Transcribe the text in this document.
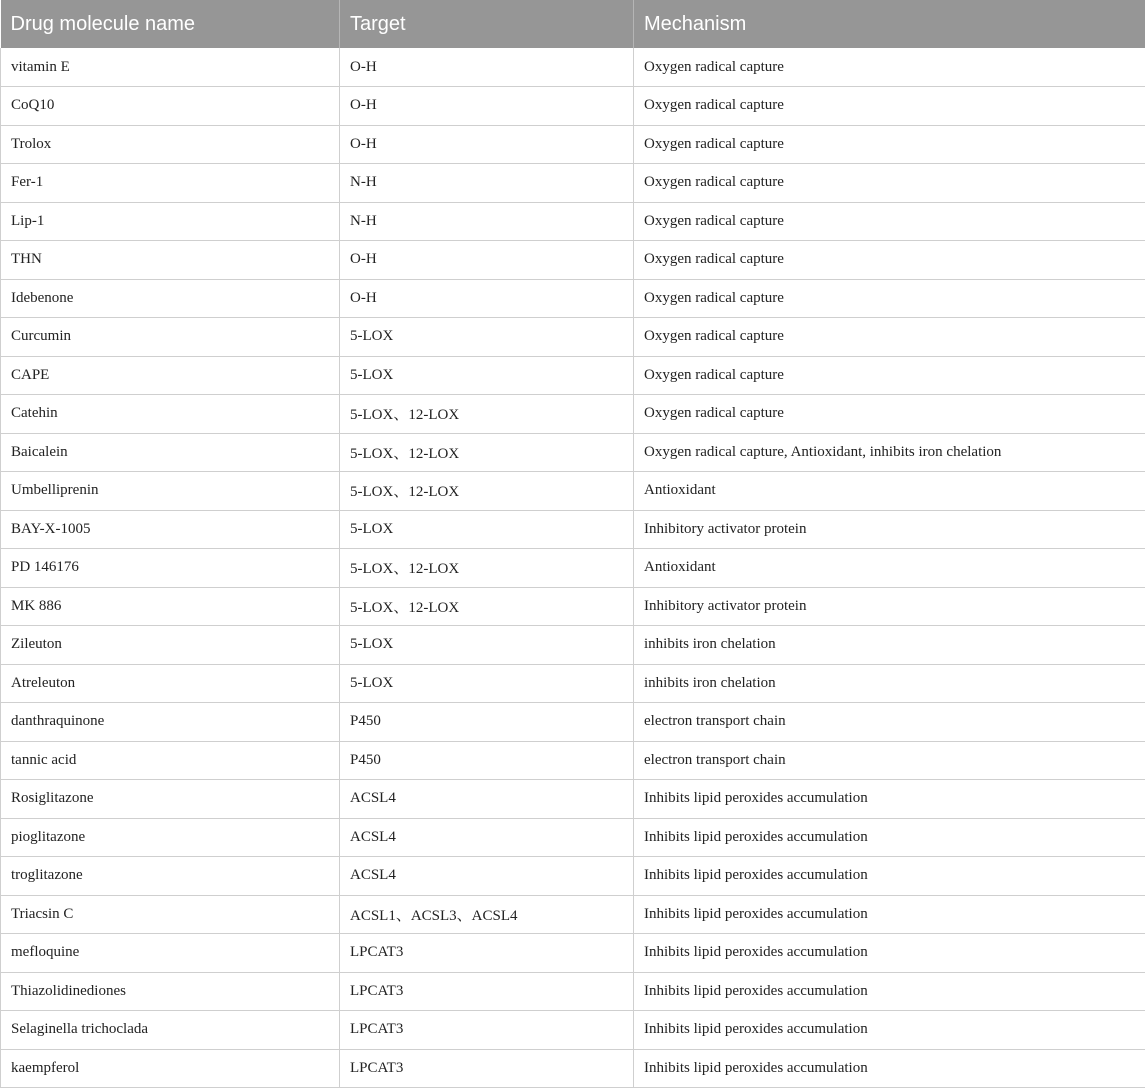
Drug molecule name	Target	Mechanism
vitamin E	O-H	Oxygen radical capture
CoQ10	O-H	Oxygen radical capture
Trolox	O-H	Oxygen radical capture
Fer-1	N-H	Oxygen radical capture
Lip-1	N-H	Oxygen radical capture
THN	O-H	Oxygen radical capture
Idebenone	O-H	Oxygen radical capture
Curcumin	5-LOX	Oxygen radical capture
CAPE	5-LOX	Oxygen radical capture
Catehin	5-LOX、12-LOX	Oxygen radical capture
Baicalein	5-LOX、12-LOX	Oxygen radical capture, Antioxidant, inhibits iron chelation
Umbelliprenin	5-LOX、12-LOX	Antioxidant
BAY-X-1005	5-LOX	Inhibitory activator protein
PD 146176	5-LOX、12-LOX	Antioxidant
MK 886	5-LOX、12-LOX	Inhibitory activator protein
Zileuton	5-LOX	inhibits iron chelation
Atreleuton	5-LOX	inhibits iron chelation
danthraquinone	P450	electron transport chain
tannic acid	P450	electron transport chain
Rosiglitazone	ACSL4	Inhibits lipid peroxides accumulation
pioglitazone	ACSL4	Inhibits lipid peroxides accumulation
troglitazone	ACSL4	Inhibits lipid peroxides accumulation
Triacsin C	ACSL1、ACSL3、ACSL4	Inhibits lipid peroxides accumulation
mefloquine	LPCAT3	Inhibits lipid peroxides accumulation
Thiazolidinediones	LPCAT3	Inhibits lipid peroxides accumulation
Selaginella trichoclada	LPCAT3	Inhibits lipid peroxides accumulation
kaempferol	LPCAT3	Inhibits lipid peroxides accumulation
